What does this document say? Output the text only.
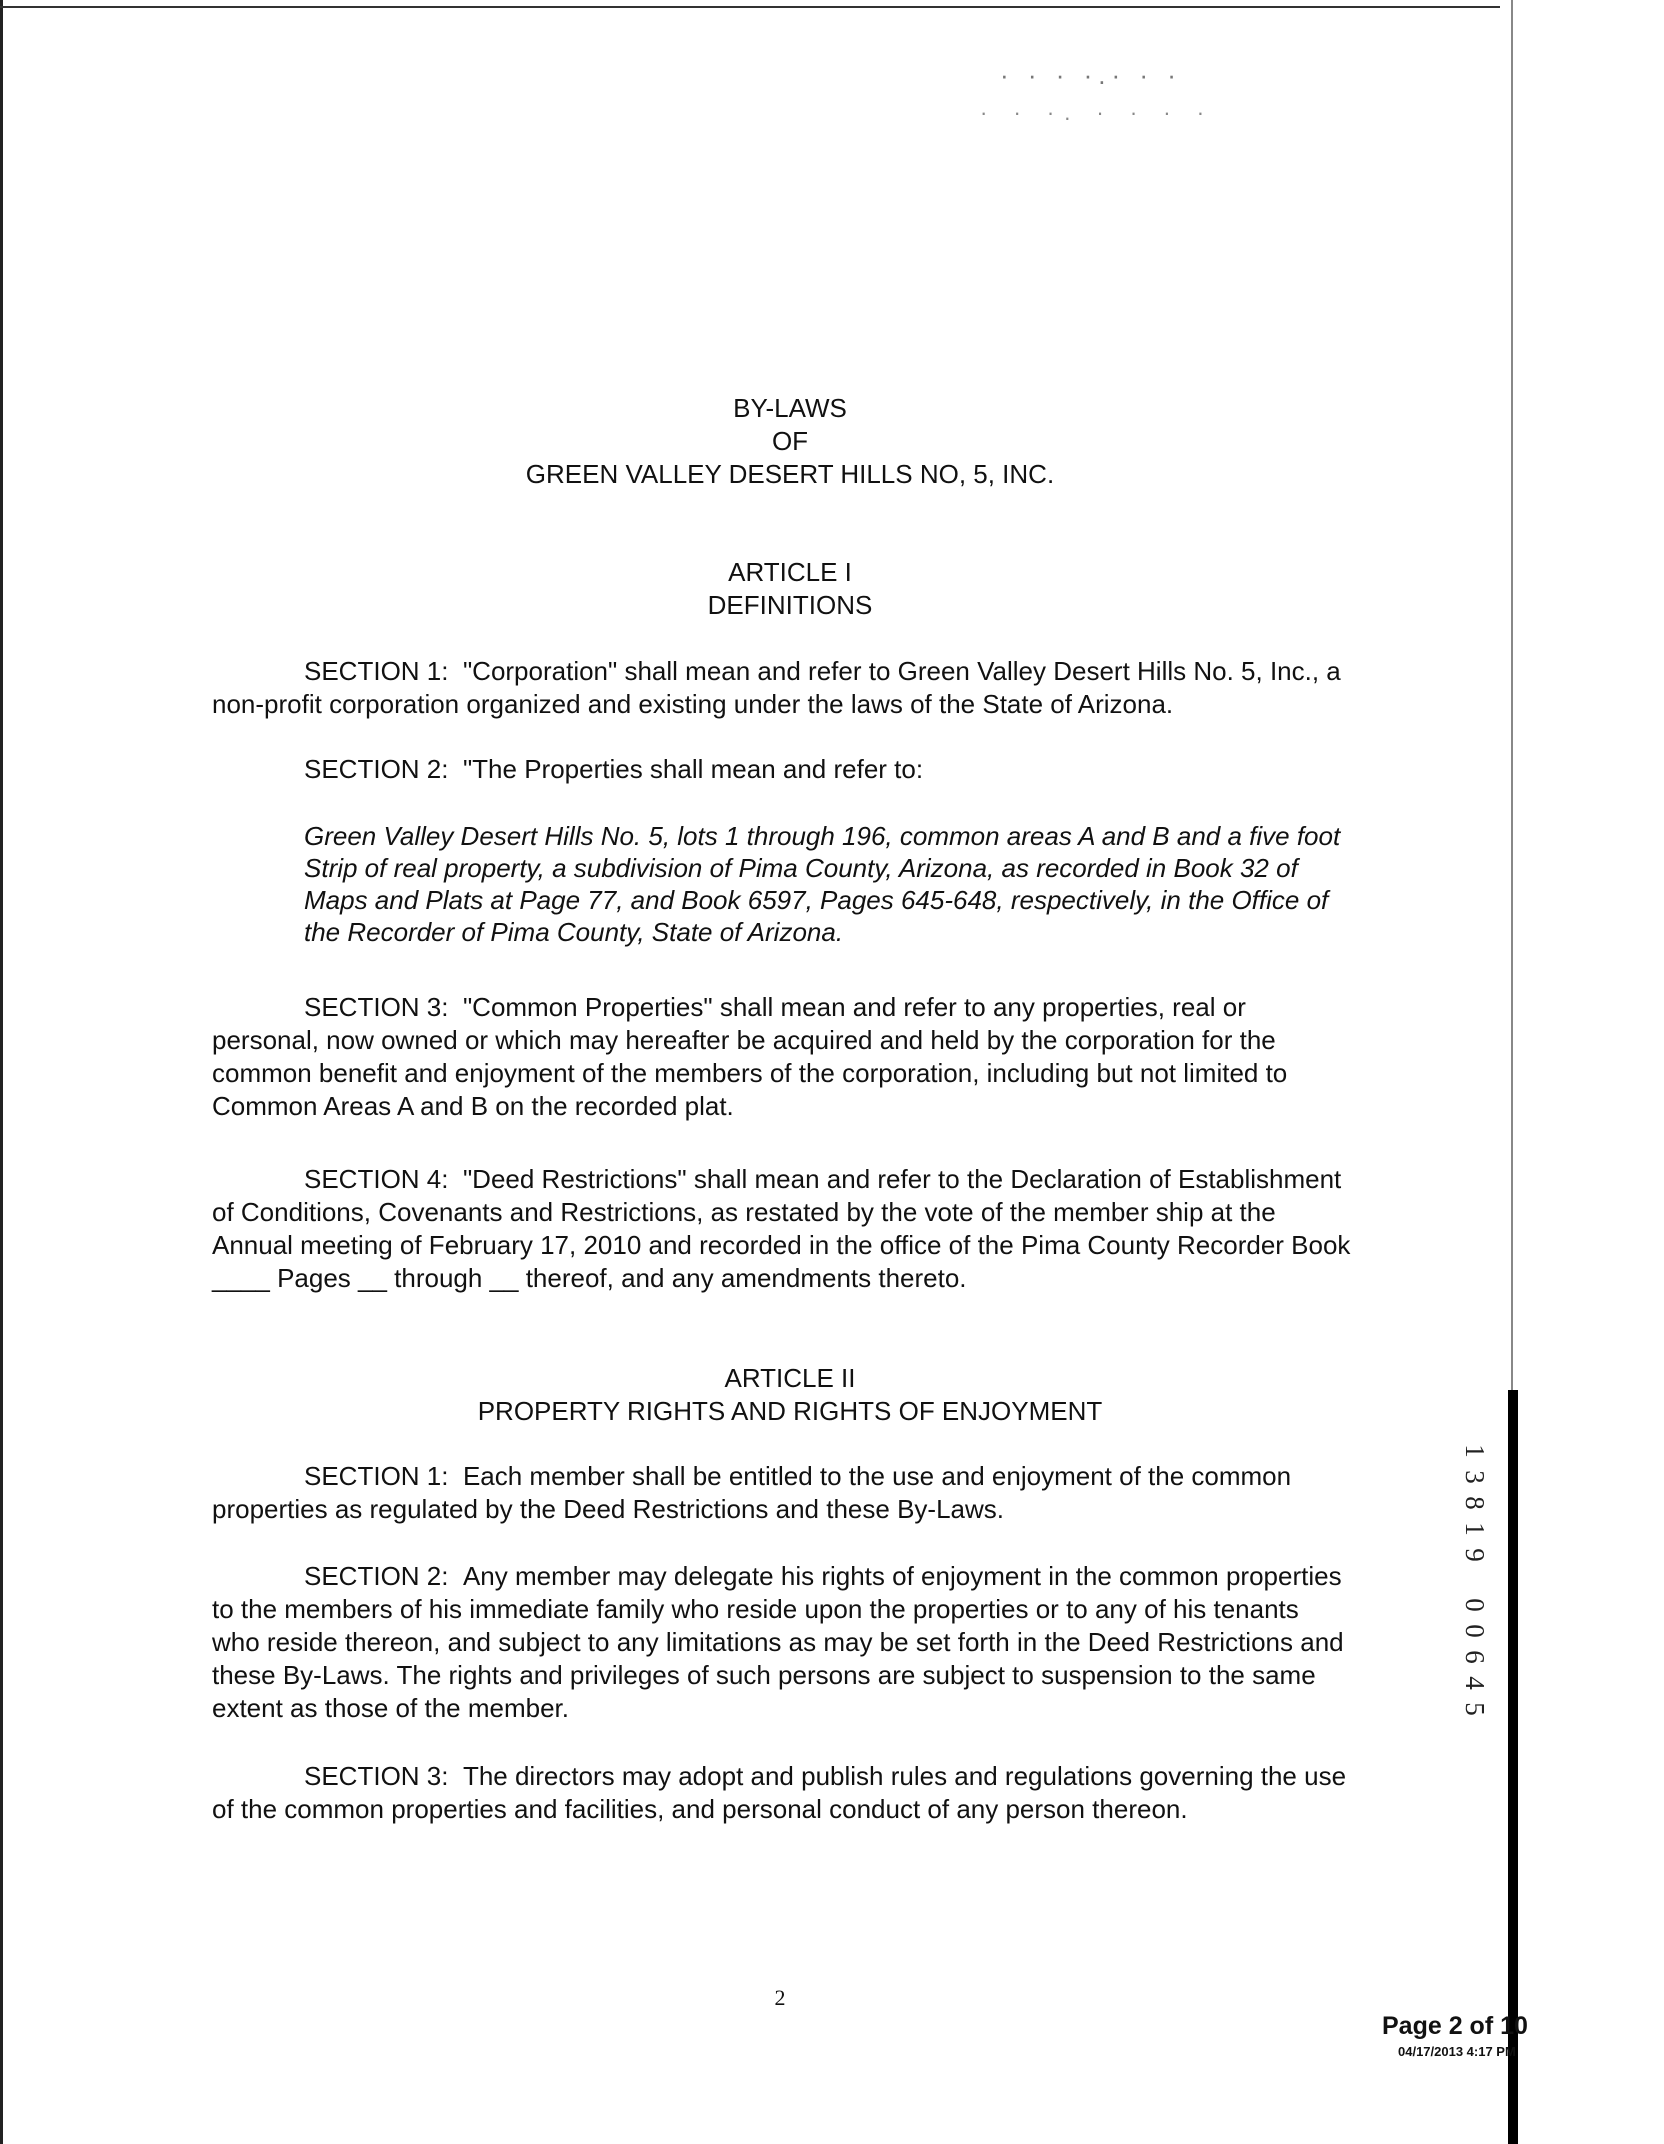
· · · ·.· · ·
· · ·. · · · ·
BY-LAWS
OF
GREEN VALLEY DESERT HILLS NO, 5, INC.
ARTICLE I
DEFINITIONS
SECTION 1: "Corporation" shall mean and refer to Green Valley Desert Hills No. 5, Inc., a non-profit corporation organized and existing under the laws of the State of Arizona.
SECTION 2: "The Properties shall mean and refer to:
Green Valley Desert Hills No. 5, lots 1 through 196, common areas A and B and a five foot Strip of real property, a subdivision of Pima County, Arizona, as recorded in Book 32 of Maps and Plats at Page 77, and Book 6597, Pages 645-648, respectively, in the Office of the Recorder of Pima County, State of Arizona.
SECTION 3: "Common Properties" shall mean and refer to any properties, real or personal, now owned or which may hereafter be acquired and held by the corporation for the common benefit and enjoyment of the members of the corporation, including but not limited to Common Areas A and B on the recorded plat.
SECTION 4: "Deed Restrictions" shall mean and refer to the Declaration of Establishment of Conditions, Covenants and Restrictions, as restated by the vote of the member ship at the Annual meeting of February 17, 2010 and recorded in the office of the Pima County Recorder Book ____ Pages __ through __ thereof, and any amendments thereto.
ARTICLE II
PROPERTY RIGHTS AND RIGHTS OF ENJOYMENT
SECTION 1: Each member shall be entitled to the use and enjoyment of the common properties as regulated by the Deed Restrictions and these By-Laws.
SECTION 2: Any member may delegate his rights of enjoyment in the common properties to the members of his immediate family who reside upon the properties or to any of his tenants who reside thereon, and subject to any limitations as may be set forth in the Deed Restrictions and these By-Laws. The rights and privileges of such persons are subject to suspension to the same extent as those of the member.
SECTION 3: The directors may adopt and publish rules and regulations governing the use of the common properties and facilities, and personal conduct of any person thereon.
2
1
3
8
1
9
0
0
6
4
5
Page 2 of 10
04/17/2013 4:17 PM
